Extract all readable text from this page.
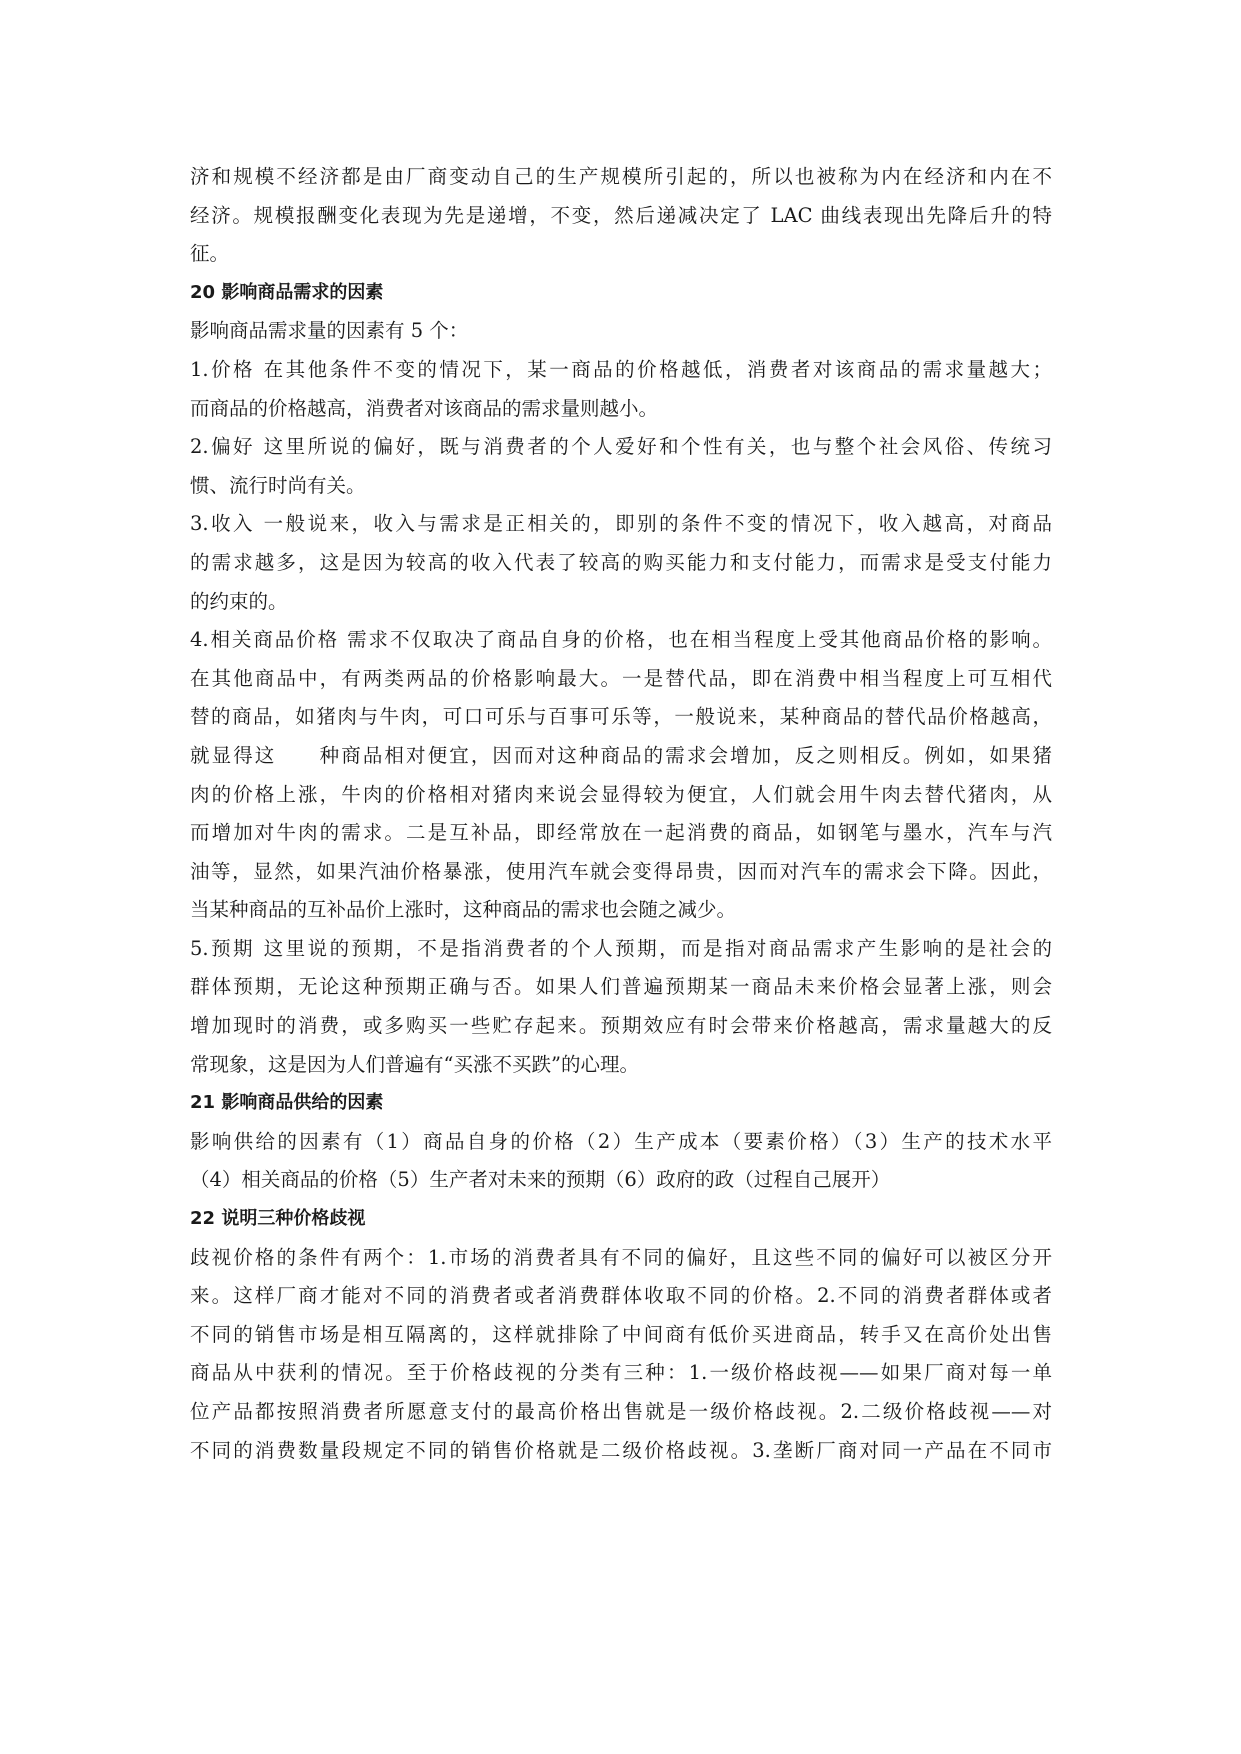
济和规模不经济都是由厂商变动自己的生产规模所引起的，所以也被称为内在经济和内在不
经济。规模报酬变化表现为先是递增，不变，然后递减决定了 LAC 曲线表现出先降后升的特
征。
20 影响商品需求的因素
影响商品需求量的因素有 5 个：
1.价格 在其他条件不变的情况下，某一商品的价格越低，消费者对该商品的需求量越大；
而商品的价格越高，消费者对该商品的需求量则越小。
2.偏好 这里所说的偏好，既与消费者的个人爱好和个性有关，也与整个社会风俗、传统习
惯、流行时尚有关。
3.收入 一般说来，收入与需求是正相关的，即别的条件不变的情况下，收入越高，对商品
的需求越多，这是因为较高的收入代表了较高的购买能力和支付能力，而需求是受支付能力
的约束的。
4.相关商品价格 需求不仅取决了商品自身的价格，也在相当程度上受其他商品价格的影响。
在其他商品中，有两类两品的价格影响最大。一是替代品，即在消费中相当程度上可互相代
替的商品，如猪肉与牛肉，可口可乐与百事可乐等，一般说来，某种商品的替代品价格越高，
就显得这　　种商品相对便宜，因而对这种商品的需求会增加，反之则相反。例如，如果猪
肉的价格上涨，牛肉的价格相对猪肉来说会显得较为便宜，人们就会用牛肉去替代猪肉，从
而增加对牛肉的需求。二是互补品，即经常放在一起消费的商品，如钢笔与墨水，汽车与汽
油等，显然，如果汽油价格暴涨，使用汽车就会变得昂贵，因而对汽车的需求会下降。因此，
当某种商品的互补品价上涨时，这种商品的需求也会随之减少。
5.预期 这里说的预期，不是指消费者的个人预期，而是指对商品需求产生影响的是社会的
群体预期，无论这种预期正确与否。如果人们普遍预期某一商品未来价格会显著上涨，则会
增加现时的消费，或多购买一些贮存起来。预期效应有时会带来价格越高，需求量越大的反
常现象，这是因为人们普遍有“买涨不买跌”的心理。
21 影响商品供给的因素
影响供给的因素有（1）商品自身的价格（2）生产成本（要素价格）（3）生产的技术水平
（4）相关商品的价格（5）生产者对未来的预期（6）政府的政（过程自己展开）
22 说明三种价格歧视
歧视价格的条件有两个：1.市场的消费者具有不同的偏好，且这些不同的偏好可以被区分开
来。这样厂商才能对不同的消费者或者消费群体收取不同的价格。2.不同的消费者群体或者
不同的销售市场是相互隔离的，这样就排除了中间商有低价买进商品，转手又在高价处出售
商品从中获利的情况。至于价格歧视的分类有三种：1.一级价格歧视——如果厂商对每一单
位产品都按照消费者所愿意支付的最高价格出售就是一级价格歧视。2.二级价格歧视——对
不同的消费数量段规定不同的销售价格就是二级价格歧视。3.垄断厂商对同一产品在不同市
